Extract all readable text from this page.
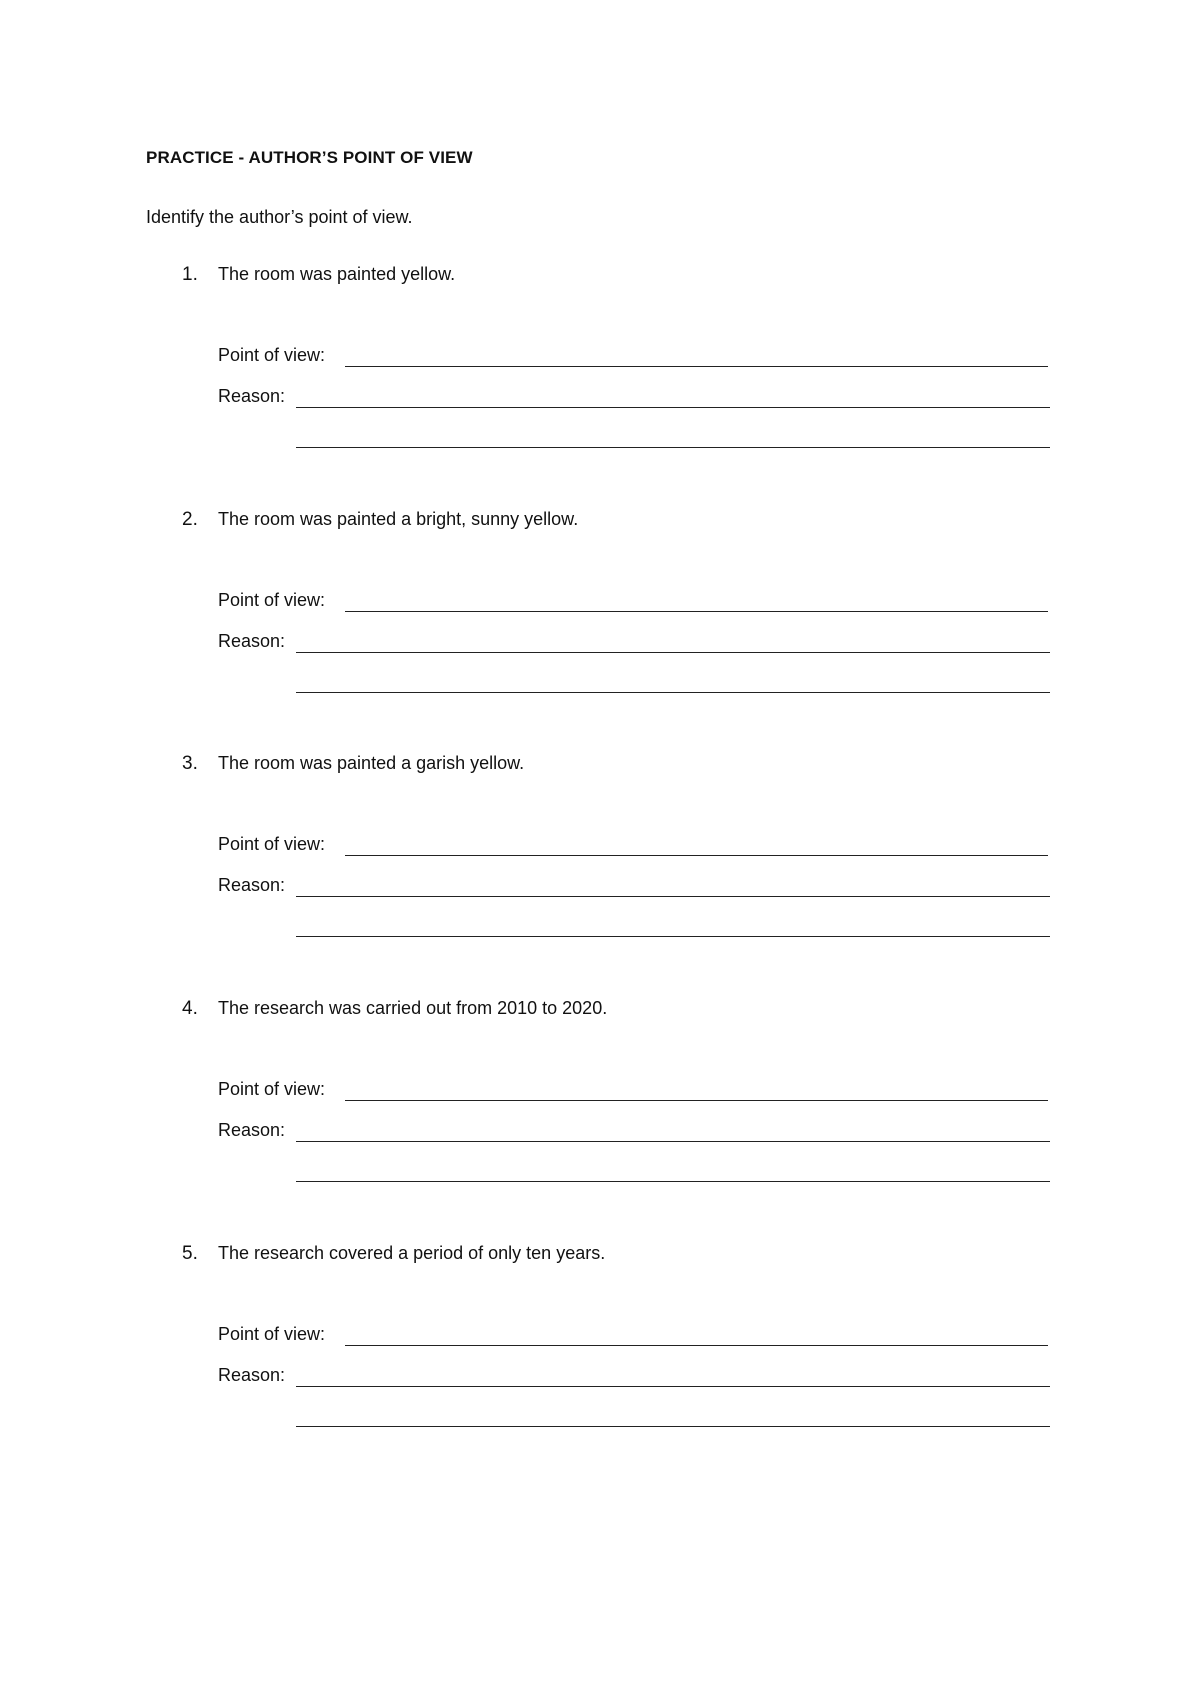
PRACTICE - AUTHOR’S POINT OF VIEW
Identify the author’s point of view.
1. The room was painted yellow.
Point of view:
Reason:
2. The room was painted a bright, sunny yellow.
Point of view:
Reason:
3. The room was painted a garish yellow.
Point of view:
Reason:
4. The research was carried out from 2010 to 2020.
Point of view:
Reason:
5. The research covered a period of only ten years.
Point of view:
Reason:
